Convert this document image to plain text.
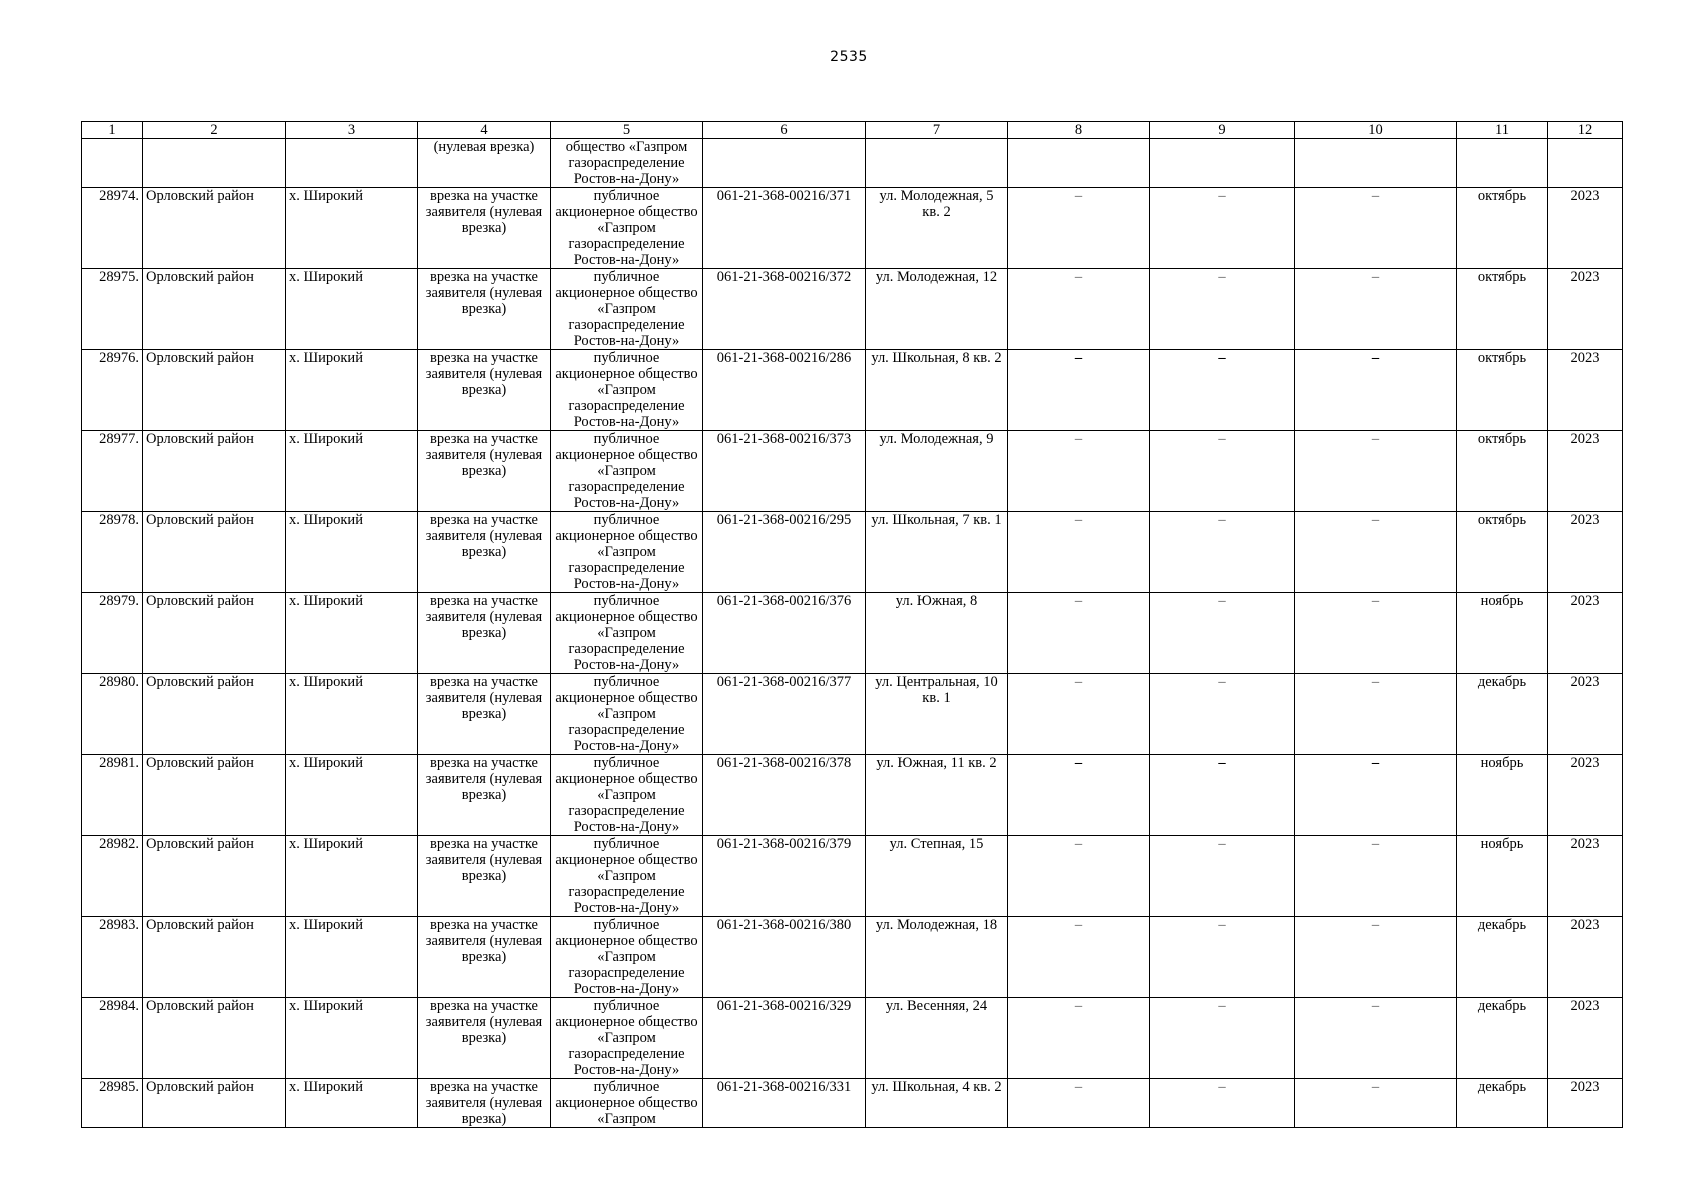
2535
1	2	3	4	5	6	7	8	9	10	11	12
			(нулевая врезка)	общество «Газпром газораспределение Ростов-на-Дону»							
28974.	Орловский район	х. Широкий	врезка на участке заявителя (нулевая врезка)	публичное акционерное общество «Газпром газораспределение Ростов-на-Дону»	061-21-368-00216/371	ул. Молодежная, 5 кв. 2	–	–	–	октябрь	2023
28975.	Орловский район	х. Широкий	врезка на участке заявителя (нулевая врезка)	публичное акционерное общество «Газпром газораспределение Ростов-на-Дону»	061-21-368-00216/372	ул. Молодежная, 12	–	–	–	октябрь	2023
28976.	Орловский район	х. Широкий	врезка на участке заявителя (нулевая врезка)	публичное акционерное общество «Газпром газораспределение Ростов-на-Дону»	061-21-368-00216/286	ул. Школьная, 8 кв. 2	–	–	–	октябрь	2023
28977.	Орловский район	х. Широкий	врезка на участке заявителя (нулевая врезка)	публичное акционерное общество «Газпром газораспределение Ростов-на-Дону»	061-21-368-00216/373	ул. Молодежная, 9	–	–	–	октябрь	2023
28978.	Орловский район	х. Широкий	врезка на участке заявителя (нулевая врезка)	публичное акционерное общество «Газпром газораспределение Ростов-на-Дону»	061-21-368-00216/295	ул. Школьная, 7 кв. 1	–	–	–	октябрь	2023
28979.	Орловский район	х. Широкий	врезка на участке заявителя (нулевая врезка)	публичное акционерное общество «Газпром газораспределение Ростов-на-Дону»	061-21-368-00216/376	ул. Южная, 8	–	–	–	ноябрь	2023
28980.	Орловский район	х. Широкий	врезка на участке заявителя (нулевая врезка)	публичное акционерное общество «Газпром газораспределение Ростов-на-Дону»	061-21-368-00216/377	ул. Центральная, 10 кв. 1	–	–	–	декабрь	2023
28981.	Орловский район	х. Широкий	врезка на участке заявителя (нулевая врезка)	публичное акционерное общество «Газпром газораспределение Ростов-на-Дону»	061-21-368-00216/378	ул. Южная, 11 кв. 2	–	–	–	ноябрь	2023
28982.	Орловский район	х. Широкий	врезка на участке заявителя (нулевая врезка)	публичное акционерное общество «Газпром газораспределение Ростов-на-Дону»	061-21-368-00216/379	ул. Степная, 15	–	–	–	ноябрь	2023
28983.	Орловский район	х. Широкий	врезка на участке заявителя (нулевая врезка)	публичное акционерное общество «Газпром газораспределение Ростов-на-Дону»	061-21-368-00216/380	ул. Молодежная, 18	–	–	–	декабрь	2023
28984.	Орловский район	х. Широкий	врезка на участке заявителя (нулевая врезка)	публичное акционерное общество «Газпром газораспределение Ростов-на-Дону»	061-21-368-00216/329	ул. Весенняя, 24	–	–	–	декабрь	2023
28985.	Орловский район	х. Широкий	врезка на участке заявителя (нулевая врезка)	публичное акционерное общество «Газпром	061-21-368-00216/331	ул. Школьная, 4 кв. 2	–	–	–	декабрь	2023
